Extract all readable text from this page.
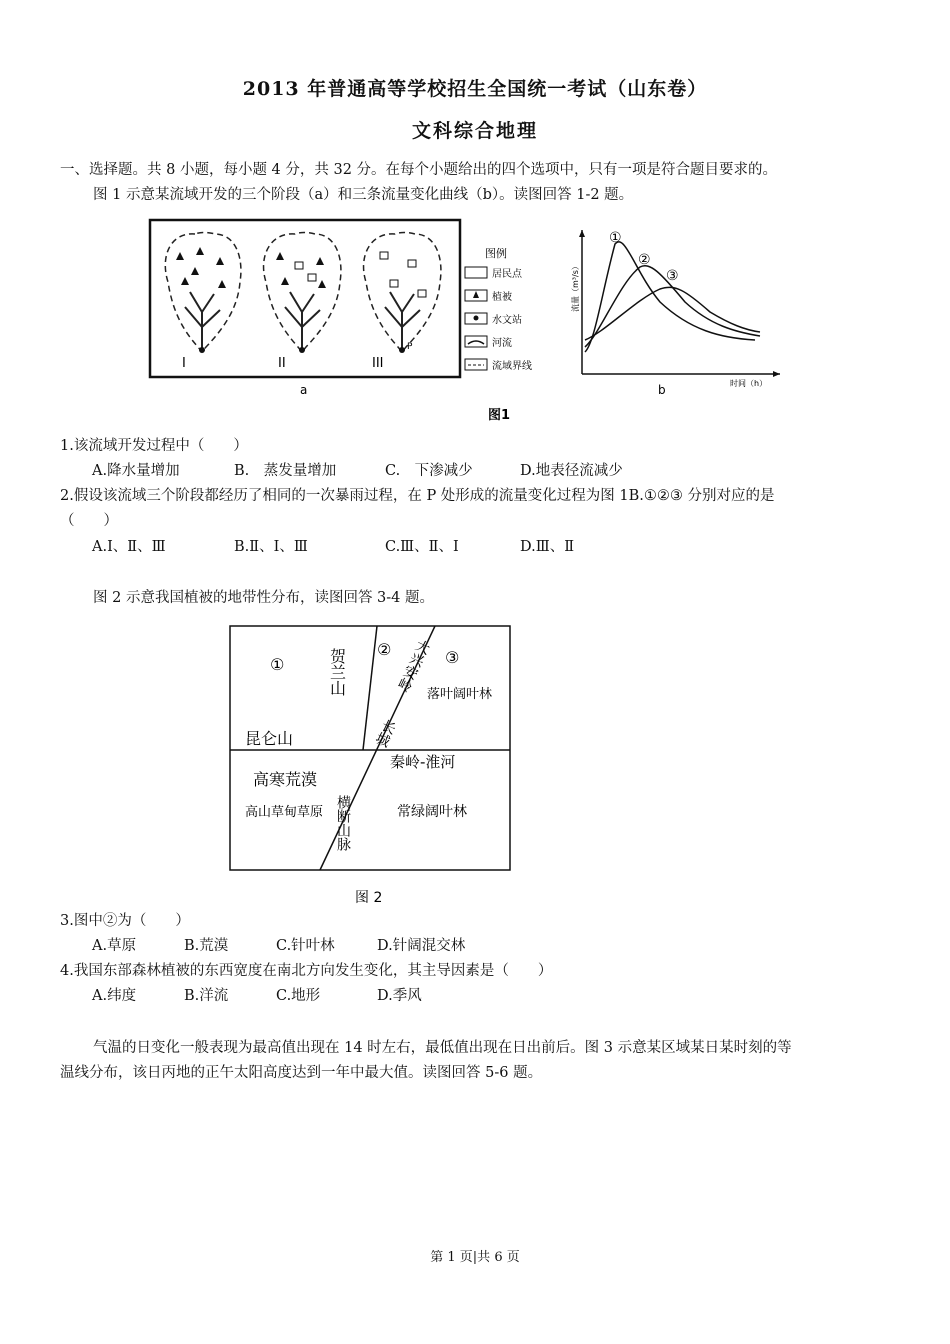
2013 年普通高等学校招生全国统一考试（山东卷）
文科综合地理
一、选择题。共 8 小题，每小题 4 分，共 32 分。在每个小题给出的四个选项中，只有一项是符合题目要求的。
图 1 示意某流域开发的三个阶段（a）和三条流量变化曲线（b）。读图回答 1-2 题。
I	II	III
P
a
图例
居民点
植被
水文站
河流
流域界线
①
②
③
流量（m³/s）
时间（h）
b
图1
1.该流域开发过程中（　　）
A.降水量增加	B.　蒸发量增加	C.　下渗减少	D.地表径流减少
2.假设该流域三个阶段都经历了相同的一次暴雨过程，在 P 处形成的流量变化过程为图 1B.①②③ 分别对应的是
（　　）
A.Ⅰ、Ⅱ、Ⅲ	B.Ⅱ、Ⅰ、Ⅲ	C.Ⅲ、Ⅱ、Ⅰ	D.Ⅲ、Ⅱ
图 2 示意我国植被的地带性分布，读图回答 3-4 题。
①
②	③
贺兰山	大兴安岭
落叶阔叶林
长城
昆仑山
秦岭-淮河
高寒荒漠
高山草甸草原 横断山脉	常绿阔叶林
图 2
3.图中②为（　　）
A.草原	B.荒漠	C.针叶林	D.针阔混交林
4.我国东部森林植被的东西宽度在南北方向发生变化，其主导因素是（　　）
A.纬度	B.洋流	C.地形	D.季风
气温的日变化一般表现为最高值出现在 14 时左右，最低值出现在日出前后。图 3 示意某区域某日某时刻的等
温线分布，该日丙地的正午太阳高度达到一年中最大值。读图回答 5-6 题。
第 1 页|共 6 页
